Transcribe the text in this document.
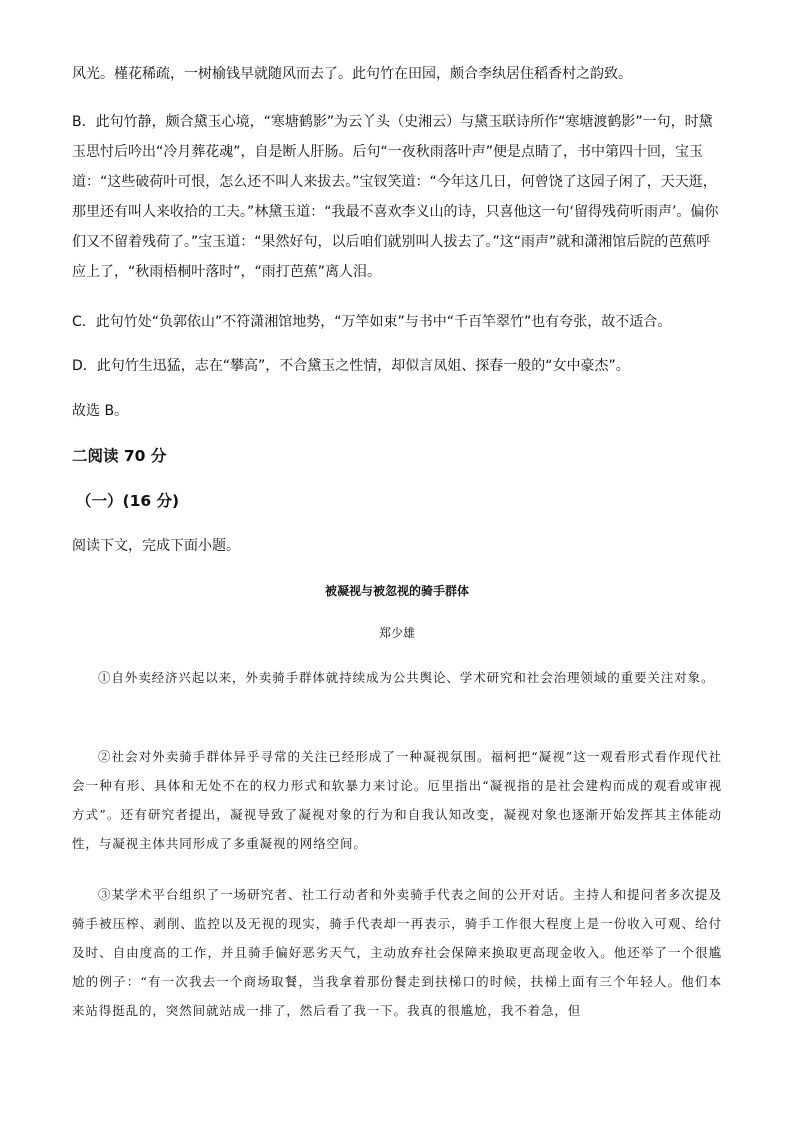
风光。槿花稀疏，一树榆钱早就随风而去了。此句竹在田园，颇合李纨居住稻香村之韵致。

B．此句竹静，颇合黛玉心境，“寒塘鹤影”为云丫头（史湘云）与黛玉联诗所作“寒塘渡鹤影”一句，时黛玉思忖后吟出“冷月葬花魂”，自是断人肝肠。后句“一夜秋雨落叶声”便是点睛了，书中第四十回，宝玉道：“这些破荷叶可恨，怎么还不叫人来拔去。”宝钗笑道：“今年这几日，何曾饶了这园子闲了，天天逛，那里还有叫人来收拾的工夫。”林黛玉道：“我最不喜欢李义山的诗，只喜他这一句‘留得残荷听雨声’。偏你们又不留着残荷了。”宝玉道：“果然好句，以后咱们就别叫人拔去了。”这“雨声”就和潇湘馆后院的芭蕉呼应上了，“秋雨梧桐叶落时”，“雨打芭蕉”离人泪。

C．此句竹处“负郭依山”不符潇湘馆地势，“万竿如束”与书中“千百竿翠竹”也有夸张，故不适合。

D．此句竹生迅猛，志在“攀高”，不合黛玉之性情，却似言凤姐、探春一般的“女中豪杰”。

故选 B。

二阅读 70 分

（一）(16 分)

阅读下文，完成下面小题。

被凝视与被忽视的骑手群体

郑少雄

①自外卖经济兴起以来，外卖骑手群体就持续成为公共舆论、学术研究和社会治理领域的重要关注对象。

②社会对外卖骑手群体异乎寻常的关注已经形成了一种凝视氛围。福柯把“凝视”这一观看形式看作现代社会一种有形、具体和无处不在的权力形式和软暴力来讨论。厄里指出“凝视指的是社会建构而成的观看或审视方式”。还有研究者提出，凝视导致了凝视对象的行为和自我认知改变，凝视对象也逐渐开始发挥其主体能动性，与凝视主体共同形成了多重凝视的网络空间。

③某学术平台组织了一场研究者、社工行动者和外卖骑手代表之间的公开对话。主持人和提问者多次提及骑手被压榨、剥削、监控以及无视的现实，骑手代表却一再表示，骑手工作很大程度上是一份收入可观、给付及时、自由度高的工作，并且骑手偏好恶劣天气，主动放弃社会保障来换取更高现金收入。他还举了一个很尴尬的例子：“有一次我去一个商场取餐，当我拿着那份餐走到扶梯口的时候，扶梯上面有三个年轻人。他们本来站得挺乱的，突然间就站成一排了，然后看了我一下。我真的很尴尬，我不着急，但
